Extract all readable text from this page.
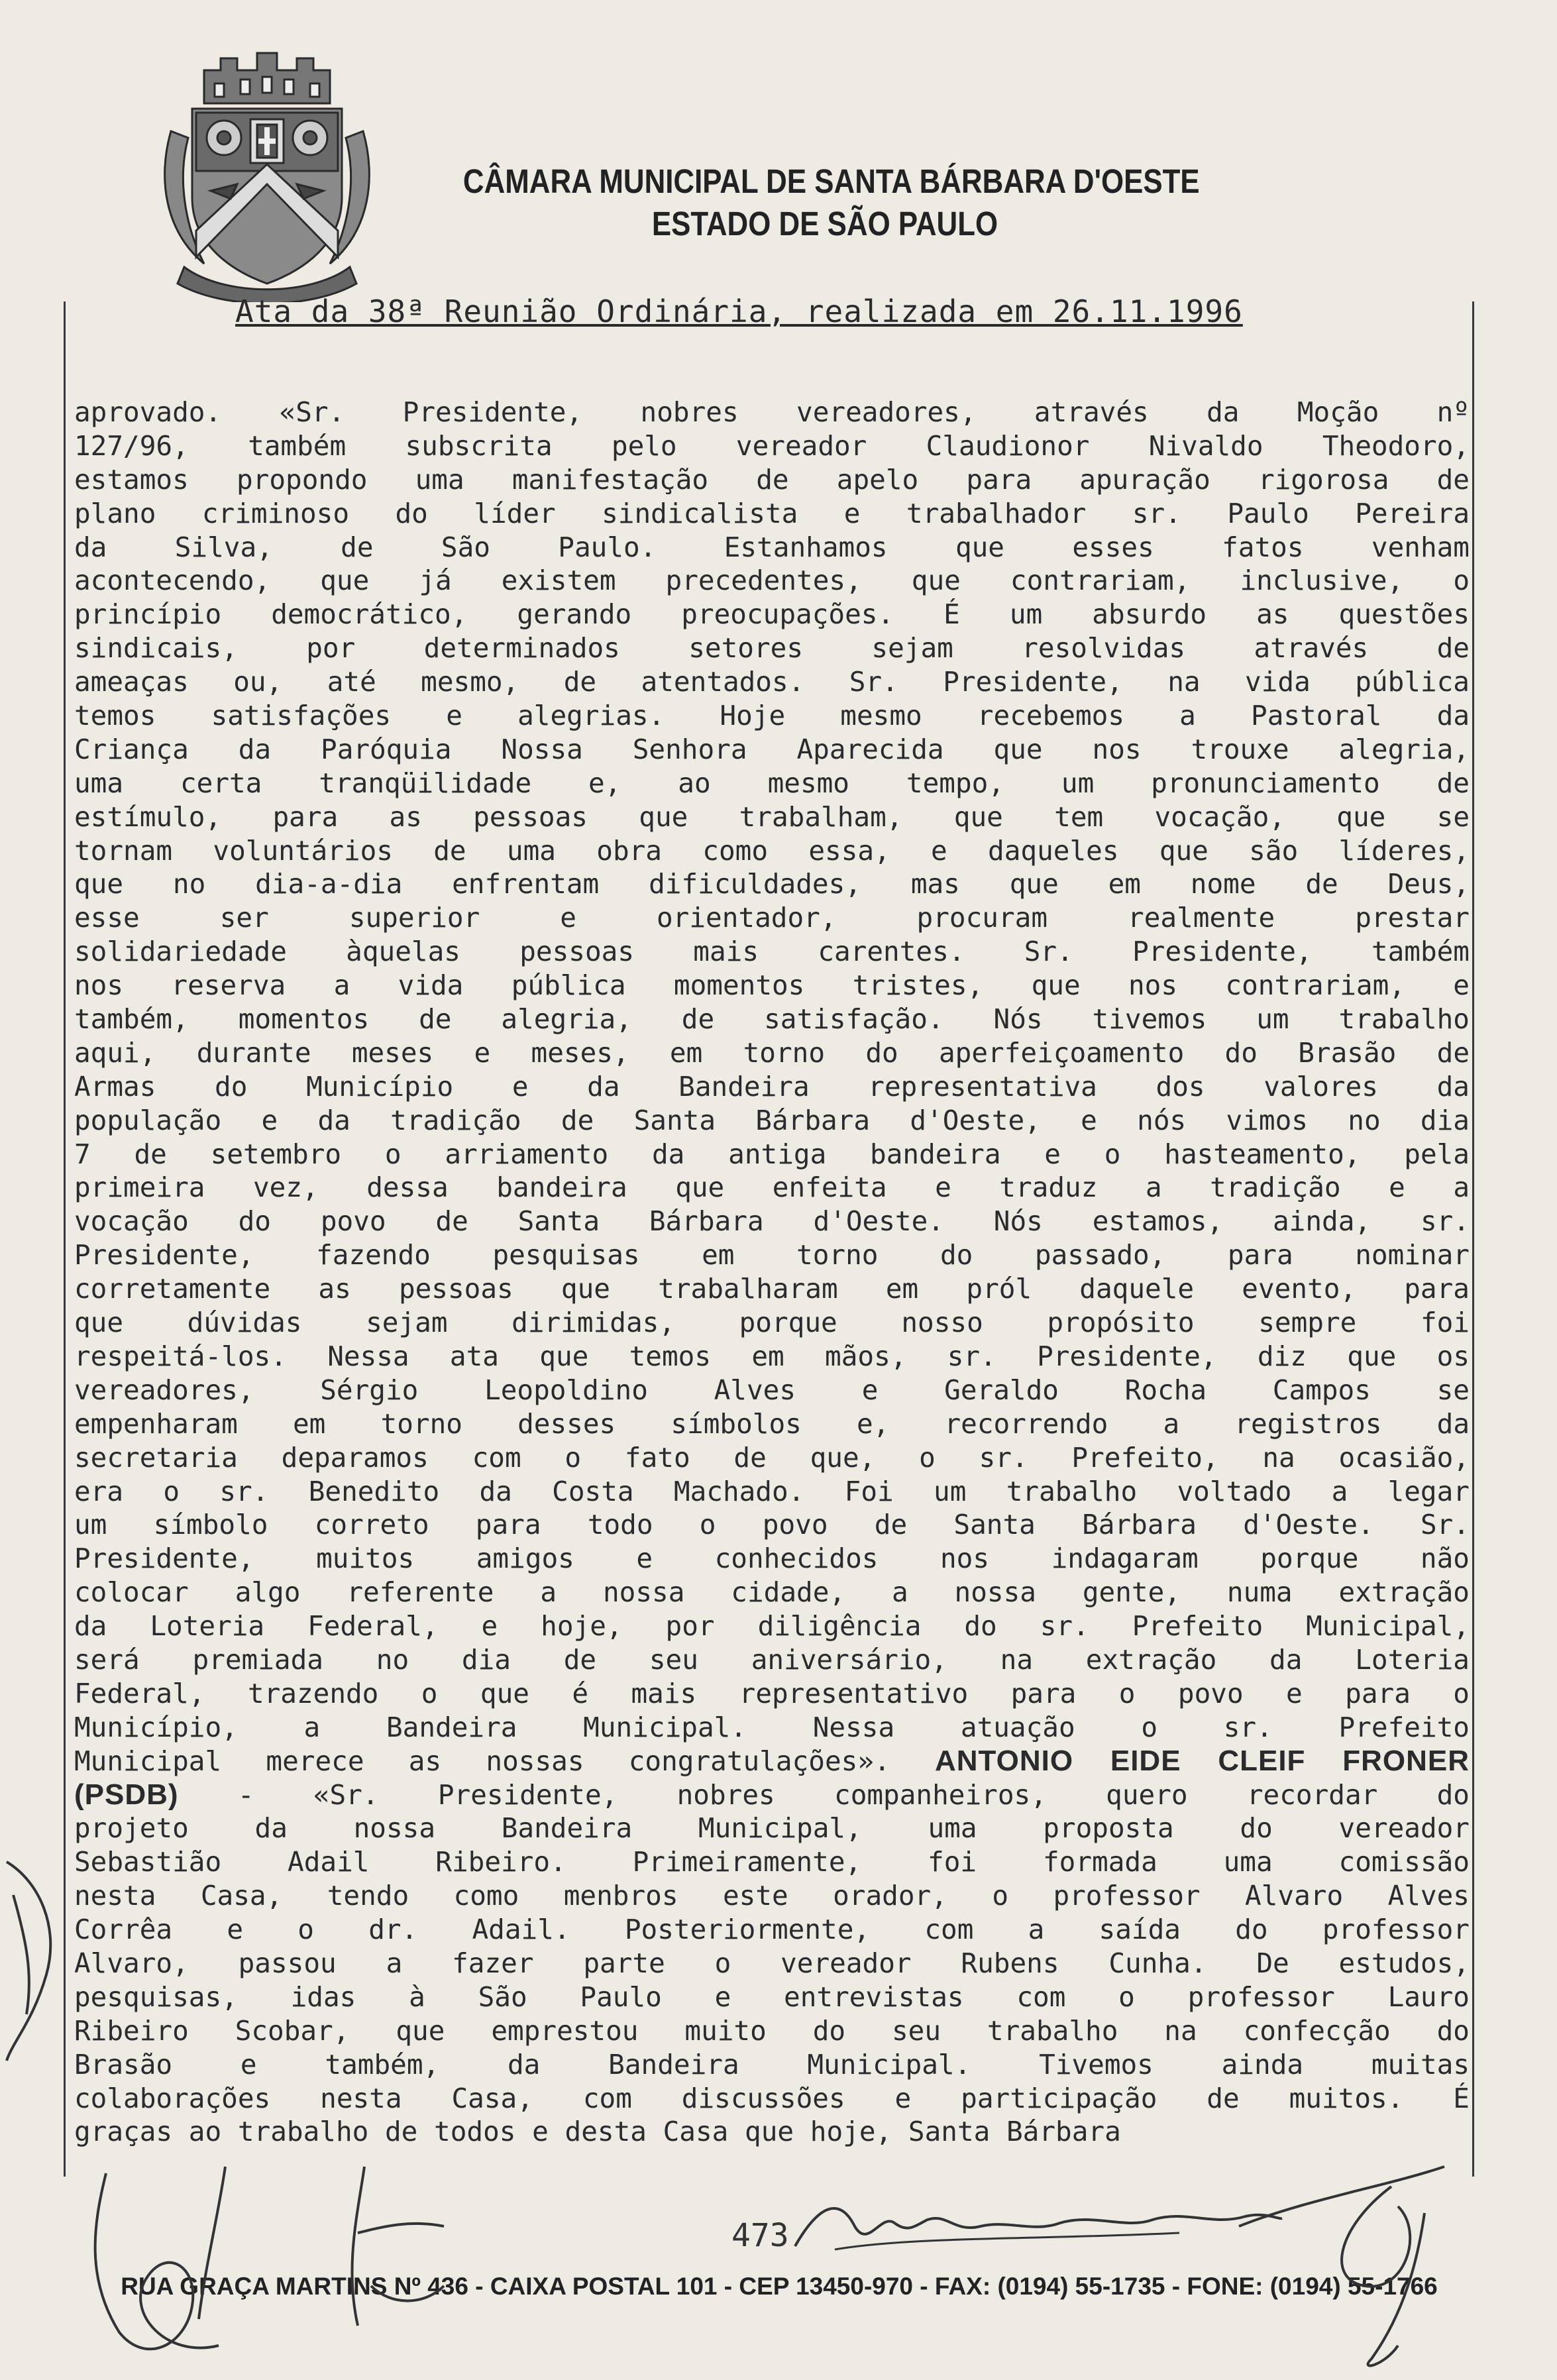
CÂMARA MUNICIPAL DE SANTA BÁRBARA D'OESTE
ESTADO DE SÃO PAULO
Ata da 38ª Reunião Ordinária, realizada em 26.11.1996
aprovado. «Sr. Presidente, nobres vereadores, através da Moção nº
127/96, também subscrita pelo vereador Claudionor Nivaldo Theodoro,
estamos propondo uma manifestação de apelo para apuração rigorosa de
plano criminoso do líder sindicalista e trabalhador sr. Paulo Pereira
da Silva, de São Paulo. Estanhamos que esses fatos venham
acontecendo, que já existem precedentes, que contrariam, inclusive, o
princípio democrático, gerando preocupações. É um absurdo as questões
sindicais, por determinados setores sejam resolvidas através de
ameaças ou, até mesmo, de atentados. Sr. Presidente, na vida pública
temos satisfações e alegrias. Hoje mesmo recebemos a Pastoral da
Criança da Paróquia Nossa Senhora Aparecida que nos trouxe alegria,
uma certa tranqüilidade e, ao mesmo tempo, um pronunciamento de
estímulo, para as pessoas que trabalham, que tem vocação, que se
tornam voluntários de uma obra como essa, e daqueles que são líderes,
que no dia-a-dia enfrentam dificuldades, mas que em nome de Deus,
esse ser superior e orientador, procuram realmente prestar
solidariedade àquelas pessoas mais carentes. Sr. Presidente, também
nos reserva a vida pública momentos tristes, que nos contrariam, e
também, momentos de alegria, de satisfação. Nós tivemos um trabalho
aqui, durante meses e meses, em torno do aperfeiçoamento do Brasão de
Armas do Município e da Bandeira representativa dos valores da
população e da tradição de Santa Bárbara d'Oeste, e nós vimos no dia
7 de setembro o arriamento da antiga bandeira e o hasteamento, pela
primeira vez, dessa bandeira que enfeita e traduz a tradição e a
vocação do povo de Santa Bárbara d'Oeste. Nós estamos, ainda, sr.
Presidente, fazendo pesquisas em torno do passado, para nominar
corretamente as pessoas que trabalharam em pról daquele evento, para
que dúvidas sejam dirimidas, porque nosso propósito sempre foi
respeitá-los. Nessa ata que temos em mãos, sr. Presidente, diz que os
vereadores, Sérgio Leopoldino Alves e Geraldo Rocha Campos se
empenharam em torno desses símbolos e, recorrendo a registros da
secretaria deparamos com o fato de que, o sr. Prefeito, na ocasião,
era o sr. Benedito da Costa Machado. Foi um trabalho voltado a legar
um símbolo correto para todo o povo de Santa Bárbara d'Oeste. Sr.
Presidente, muitos amigos e conhecidos nos indagaram porque não
colocar algo referente a nossa cidade, a nossa gente, numa extração
da Loteria Federal, e hoje, por diligência do sr. Prefeito Municipal,
será premiada no dia de seu aniversário, na extração da Loteria
Federal, trazendo o que é mais representativo para o povo e para o
Município, a Bandeira Municipal. Nessa atuação o sr. Prefeito
Municipal merece as nossas congratulações». ANTONIO EIDE CLEIF FRONER
(PSDB) - «Sr. Presidente, nobres companheiros, quero recordar do
projeto da nossa Bandeira Municipal, uma proposta do vereador
Sebastião Adail Ribeiro. Primeiramente, foi formada uma comissão
nesta Casa, tendo como menbros este orador, o professor Alvaro Alves
Corrêa e o dr. Adail. Posteriormente, com a saída do professor
Alvaro, passou a fazer parte o vereador Rubens Cunha. De estudos,
pesquisas, idas à São Paulo e entrevistas com o professor Lauro
Ribeiro Scobar, que emprestou muito do seu trabalho na confecção do
Brasão e também, da Bandeira Municipal. Tivemos ainda muitas
colaborações nesta Casa, com discussões e participação de muitos. É
graças ao trabalho de todos e desta Casa que hoje, Santa Bárbara
473
RUA GRAÇA MARTINS Nº 436 - CAIXA POSTAL 101 - CEP 13450-970 - FAX: (0194) 55-1735 - FONE: (0194) 55-1766
